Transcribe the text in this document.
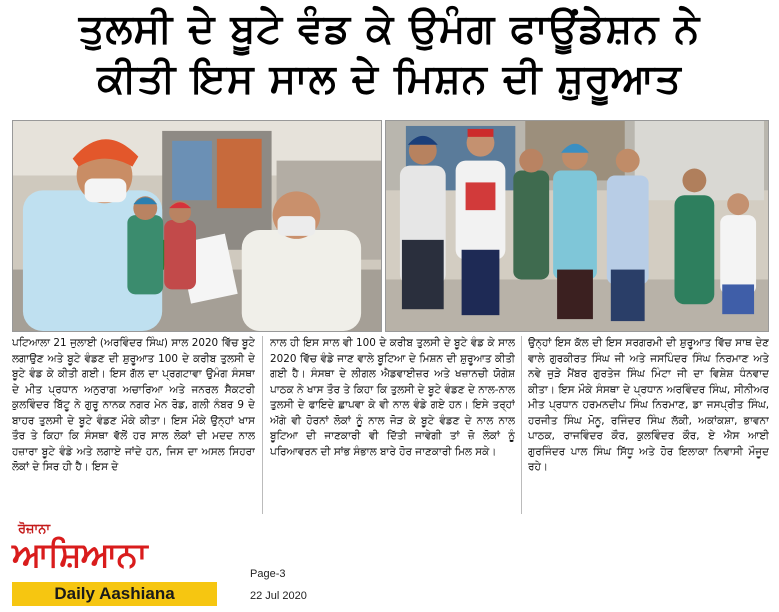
ਤੁਲਸੀ ਦੇ ਬੂਟੇ ਵੰਡ ਕੇ ਉਮੰਗ ਫਾਊਂਡੇਸ਼ਨ ਨੇ
ਕੀਤੀ ਇਸ ਸਾਲ ਦੇ ਮਿਸ਼ਨ ਦੀ ਸ਼ੁਰੂਆਤ
ਪਟਿਆਲਾ 21 ਜੁਲਾਈ (ਅਰਵਿੰਦਰ ਸਿੰਘ) ਸਾਲ 2020 ਵਿੱਚ ਬੂਟੇ ਲਗਾਉਣ ਅਤੇ ਬੂਟੇ ਵੰਡਣ ਦੀ ਸ਼ੁਰੂਆਤ 100 ਦੇ ਕਰੀਬ ਤੁਲਸੀ ਦੇ ਬੂਟੇ ਵੰਡ ਕੇ ਕੀਤੀ ਗਈ। ਇਸ ਗੱਲ ਦਾ ਪ੍ਰਗਟਾਵਾ ਉਮੰਗ ਸੰਸਥਾ ਦੇ ਮੀਤ ਪ੍ਰਧਾਨ ਅਨੁਰਾਗ ਅਚਾਰਿਆ ਅਤੇ ਜਨਰਲ ਸੈਕਟਰੀ ਕੁਲਵਿੰਦਰ ਬਿੱਟੂ ਨੇ ਗੁਰੂ ਨਾਨਕ ਨਗਰ ਮੇਨ ਰੋਡ, ਗਲੀ ਨੰਬਰ 9 ਦੇ ਬਾਹਰ ਤੁਲਸੀ ਦੇ ਬੂਟੇ ਵੰਡਣ ਮੌਕੇ ਕੀਤਾ। ਇਸ ਮੌਕੇ ਉਨ੍ਹਾਂ ਖਾਸ ਤੌਰ ਤੇ ਕਿਹਾ ਕਿ ਸੰਸਥਾ ਵੱਲੋਂ ਹਰ ਸਾਲ ਲੋਕਾਂ ਦੀ ਮਦਦ ਨਾਲ ਹਜ਼ਾਰਾ ਬੂਟੇ ਵੰਡੇ ਅਤੇ ਲਗਾਏ ਜਾਂਦੇ ਹਨ, ਜਿਸ ਦਾ ਅਸਲ ਸਿਹਰਾ ਲੋਕਾਂ ਦੇ ਸਿਰ ਹੀ ਹੈ। ਇਸ ਦੇ
ਨਾਲ ਹੀ ਇਸ ਸਾਲ ਵੀ 100 ਦੇ ਕਰੀਬ ਤੁਲਸੀ ਦੇ ਬੂਟੇ ਵੰਡ ਕੇ ਸਾਲ 2020 ਵਿੱਚ ਵੰਡੇ ਜਾਣ ਵਾਲੇ ਬੂਟਿਆ ਦੇ ਮਿਸ਼ਨ ਦੀ ਸ਼ੁਰੂਆਤ ਕੀਤੀ ਗਈ ਹੈ। ਸੰਸਥਾ ਦੇ ਲੀਗਲ ਐਡਵਾਈਜ਼ਰ ਅਤੇ ਖਜ਼ਾਨਚੀ ਯੋਗੇਸ਼ ਪਾਠਕ ਨੇ ਖਾਸ ਤੌਰ ਤੇ ਕਿਹਾ ਕਿ ਤੁਲਸੀ ਦੇ ਬੂਟੇ ਵੰਡਣ ਦੇ ਨਾਲ-ਨਾਲ ਤੁਲਸੀ ਦੇ ਫਾਇਦੇ ਛਾਪਵਾ ਕੇ ਵੀ ਨਾਲ ਵੰਡੇ ਗਏ ਹਨ। ਇਸੇ ਤਰ੍ਹਾਂ ਅੱਗੇ ਵੀ ਹੋਰਨਾਂ ਲੋਕਾਂ ਨੂੰ ਨਾਲ ਜੋੜ ਕੇ ਬੂਟੇ ਵੰਡਣ ਦੇ ਨਾਲ ਨਾਲ ਬੂਟਿਆ ਦੀ ਜਾਣਕਾਰੀ ਵੀ ਦਿੱਤੀ ਜਾਵੇਗੀ ਤਾਂ ਜ਼ੋ ਲੋਕਾਂ ਨੂੰ ਪਰਿਆਵਰਨ ਦੀ ਸਾਂਭ ਸੰਭਾਲ ਬਾਰੇ ਹੋਰ ਜਾਣਕਾਰੀ ਮਿਲ ਸਕੇ।
ਉਨ੍ਹਾਂ ਇਸ ਕੱਲ ਦੀ ਇਸ ਸਰਗਰਮੀ ਦੀ ਸ਼ੁਰੂਆਤ ਵਿੱਚ ਸਾਥ ਦੇਣ ਵਾਲੇ ਗੁਰਕੀਰਤ ਸਿੰਘ ਜੀ ਅਤੇ ਜਸਪਿੰਦਰ ਸਿੰਘ ਨਿਰਮਾਣ ਅਤੇ ਨਵੇ ਜੁੜੇ ਮੈਂਬਰ ਗੁਰਤੇਜ ਸਿੰਘ ਮਿੰਟਾ ਜੀ ਦਾ ਵਿਸ਼ੇਸ਼ ਧੰਨਵਾਦ ਕੀਤਾ। ਇਸ ਮੌਕੇ ਸੰਸਥਾ ਦੇ ਪ੍ਰਧਾਨ ਅਰਵਿੰਦਰ ਸਿੰਘ, ਸੀਨੀਅਰ ਮੀਤ ਪ੍ਰਧਾਨ ਹਰਮਨਦੀਪ ਸਿੰਘ ਨਿਰਮਾਣ, ਡਾ ਜਸਪ੍ਰੀਤ ਸਿੰਘ, ਹਰਜੀਤ ਸਿੰਘ ਮੋਨੂ, ਰਜਿੰਦਰ ਸਿੰਘ ਲੱਕੀ, ਅਕਾਂਕਸ਼ਾ, ਭਾਵਨਾ ਪਾਠਕ, ਰਾਜਵਿੰਦਰ ਕੌਰ, ਕੁਲਵਿੰਦਰ ਕੌਰ, ਏ ਐਸ ਆਈ ਗੁਰਜਿੰਦਰ ਪਾਲ ਸਿੰਘ ਸਿੱਧੂ ਅਤੇ ਹੋਰ ਇਲਾਕਾ ਨਿਵਾਸੀ ਮੌਜੂਦ ਰਹੇ।
ਰੋਜ਼ਾਨਾ
ਆਸ਼ਿਆਨਾ
Daily Aashiana
Page-3
22 Jul 2020
